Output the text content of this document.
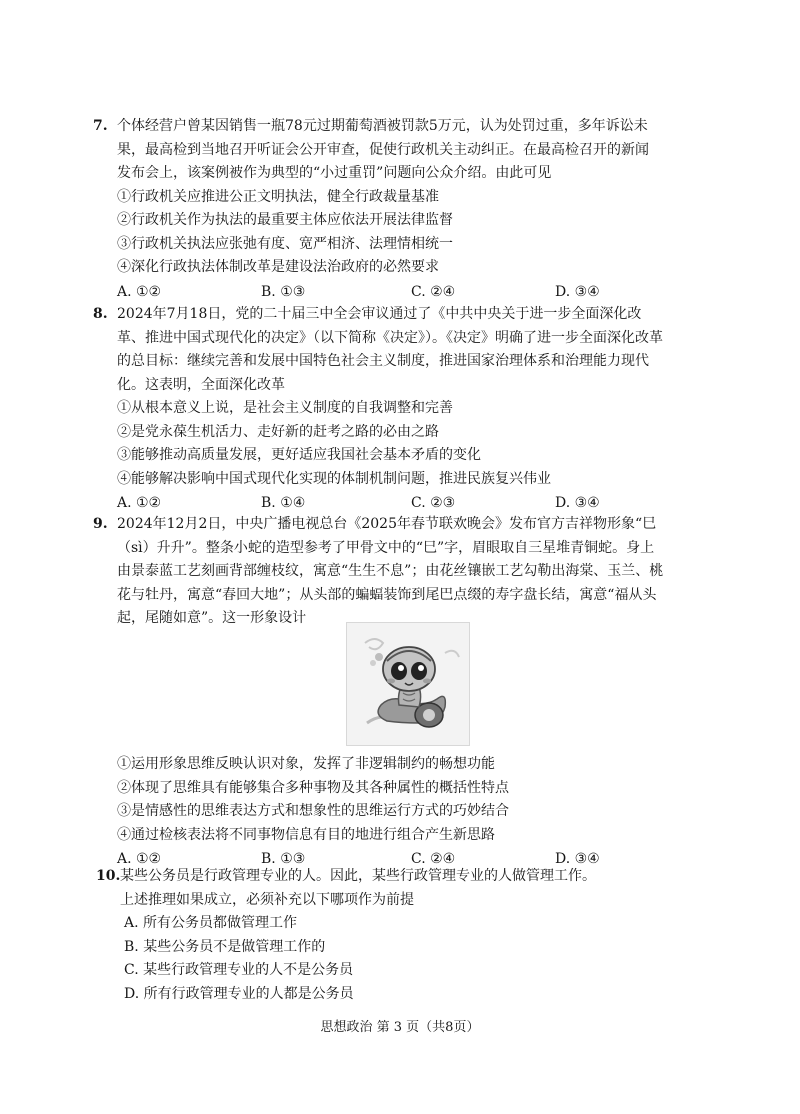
7. 个体经营户曾某因销售一瓶78元过期葡萄酒被罚款5万元，认为处罚过重，多年诉讼未
果，最高检到当地召开听证会公开审查，促使行政机关主动纠正。在最高检召开的新闻
发布会上，该案例被作为典型的“小过重罚”问题向公众介绍。由此可见
①行政机关应推进公正文明执法，健全行政裁量基准
②行政机关作为执法的最重要主体应依法开展法律监督
③行政机关执法应张弛有度、宽严相济、法理情相统一
④深化行政执法体制改革是建设法治政府的必然要求
A. ①②	B. ①③	C. ②④	D. ③④
8. 2024年7月18日，党的二十届三中全会审议通过了《中共中央关于进一步全面深化改
革、推进中国式现代化的决定》（以下简称《决定》）。《决定》明确了进一步全面深化改革
的总目标：继续完善和发展中国特色社会主义制度，推进国家治理体系和治理能力现代
化。这表明，全面深化改革
①从根本意义上说，是社会主义制度的自我调整和完善
②是党永葆生机活力、走好新的赶考之路的必由之路
③能够推动高质量发展，更好适应我国社会基本矛盾的变化
④能够解决影响中国式现代化实现的体制机制问题，推进民族复兴伟业
A. ①②	B. ①④	C. ②③	D. ③④
9. 2024年12月2日，中央广播电视总台《2025年春节联欢晚会》发布官方吉祥物形象“巳
（sì）升升”。整条小蛇的造型参考了甲骨文中的“巳”字，眉眼取自三星堆青铜蛇。身上
由景泰蓝工艺刻画背部缠枝纹，寓意“生生不息”；由花丝镶嵌工艺勾勒出海棠、玉兰、桃
花与牡丹，寓意“春回大地”；从头部的蝙蝠装饰到尾巴点缀的寿字盘长结，寓意“福从头
起，尾随如意”。这一形象设计
①运用形象思维反映认识对象，发挥了非逻辑制约的畅想功能
②体现了思维具有能够集合多种事物及其各种属性的概括性特点
③是情感性的思维表达方式和想象性的思维运行方式的巧妙结合
④通过检核表法将不同事物信息有目的地进行组合产生新思路
A. ①②	B. ①③	C. ②④	D. ③④
10.某些公务员是行政管理专业的人。因此，某些行政管理专业的人做管理工作。
上述推理如果成立，必须补充以下哪项作为前提
A. 所有公务员都做管理工作
B. 某些公务员不是做管理工作的
C. 某些行政管理专业的人不是公务员
D. 所有行政管理专业的人都是公务员
思想政治 第 3 页（共8页）
